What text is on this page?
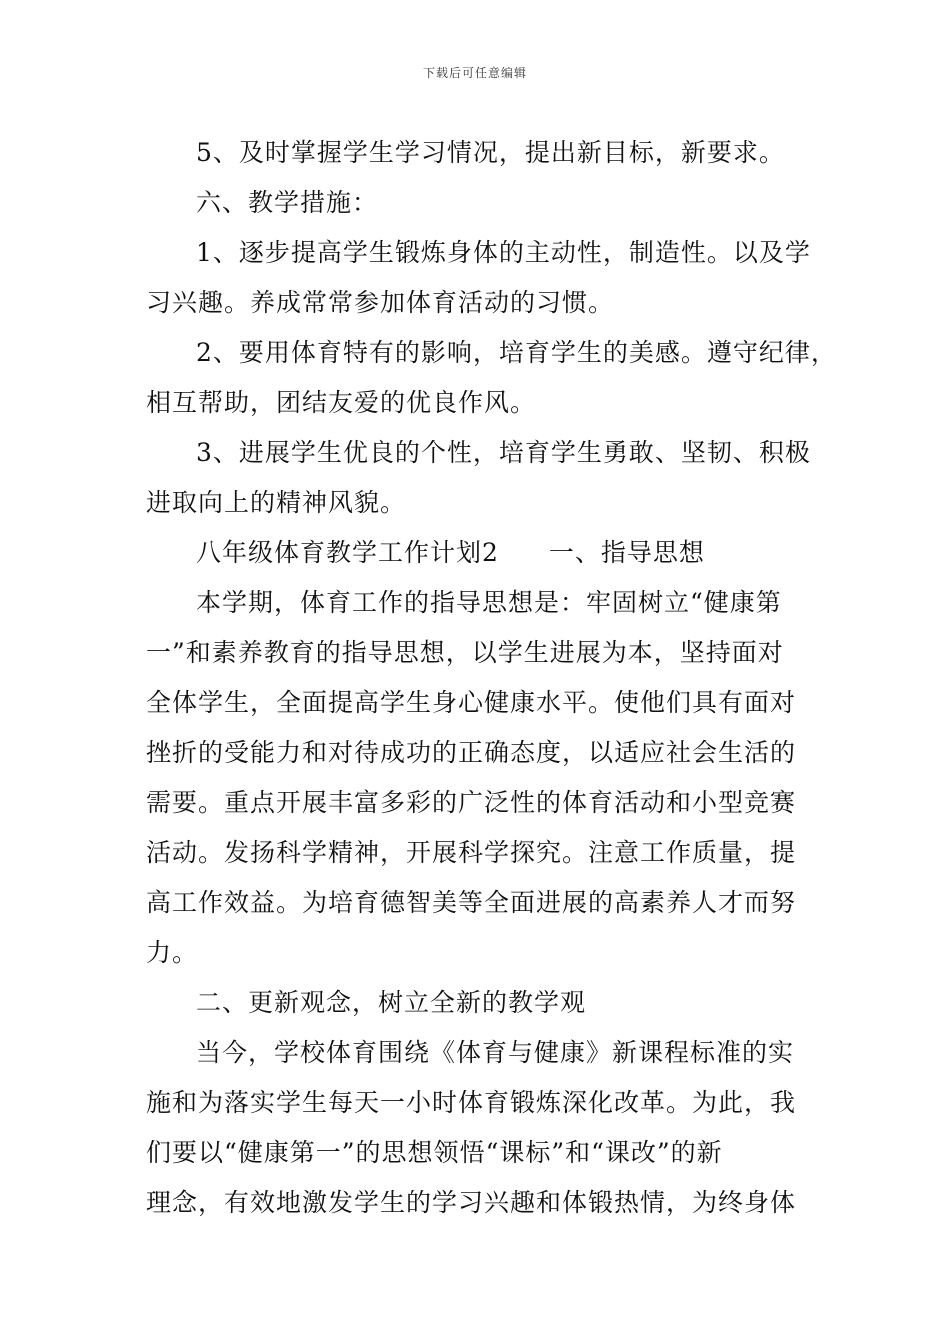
下载后可任意编辑
5、及时掌握学生学习情况，提出新目标，新要求。
六、教学措施：
1、逐步提高学生锻炼身体的主动性，制造性。以及学
习兴趣。养成常常参加体育活动的习惯。
2、要用体育特有的影响，培育学生的美感。遵守纪律，
相互帮助，团结友爱的优良作风。
3、进展学生优良的个性，培育学生勇敢、坚韧、积极
进取向上的精神风貌。
八年级体育教学工作计划2 一、指导思想
本学期，体育工作的指导思想是：牢固树立“健康第
一”和素养教育的指导思想，以学生进展为本，坚持面对
全体学生，全面提高学生身心健康水平。使他们具有面对
挫折的受能力和对待成功的正确态度，以适应社会生活的
需要。重点开展丰富多彩的广泛性的体育活动和小型竞赛
活动。发扬科学精神，开展科学探究。注意工作质量，提
高工作效益。为培育德智美等全面进展的高素养人才而努
力。
二、更新观念，树立全新的教学观
当今，学校体育围绕《体育与健康》新课程标准的实
施和为落实学生每天一小时体育锻炼深化改革。为此，我
们要以“健康第一”的思想领悟“课标”和“课改”的新
理念，有效地激发学生的学习兴趣和体锻热情，为终身体
